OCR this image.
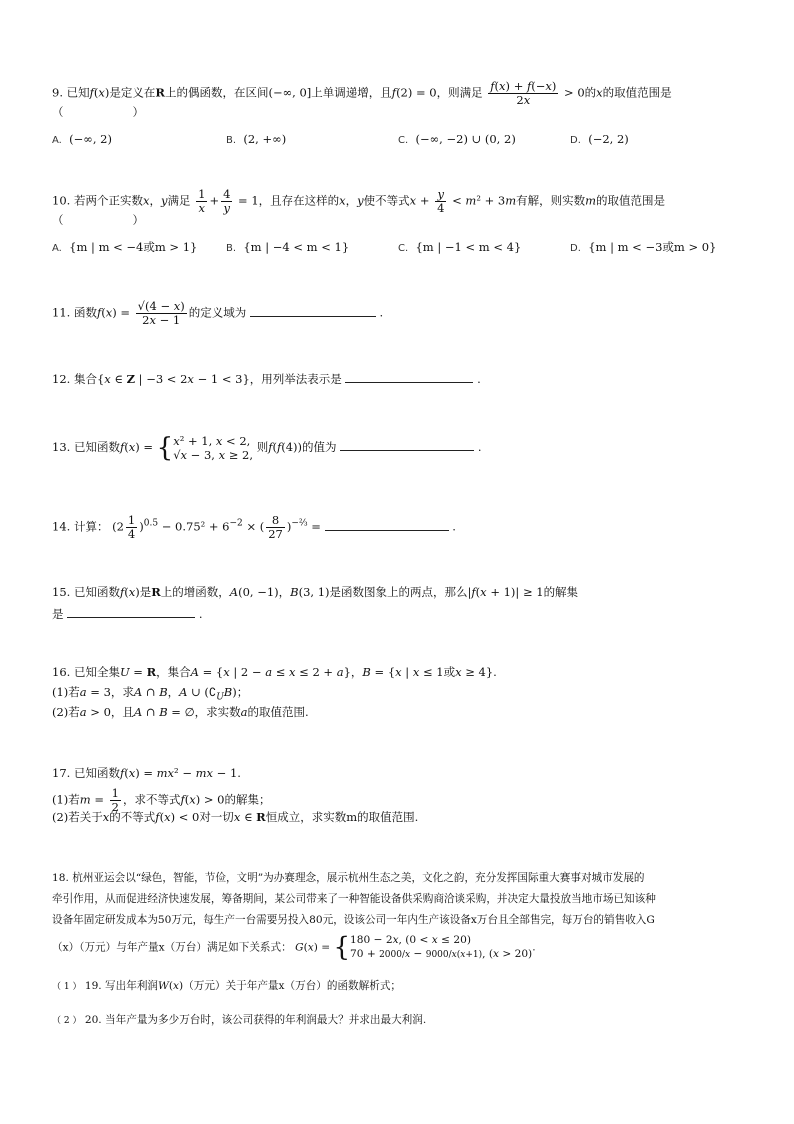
9. 已知f(x)是定义在R上的偶函数，在区间(−∞, 0]上单调递增，且f(2) = 0，则满足 $\frac{f(x) + f(-x)}{2x} > 0$的x的取值范围是
（　　　　　　）
A. (−∞, 2)	B. (2, +∞)	C. (−∞, −2) ∪ (0, 2)	D. (−2, 2)
10. 若两个正实数x，y满足 $\frac{1}{x} + \frac{4}{y} = 1$，且存在这样的x，y使不等式$x + \frac{y}{4} < m^2 + 3m$有解，则实数m的取值范围是
（　　　　　　）
A. {m | m < −4或m > 1}	B. {m | −4 < m < 1}	C. {m | −1 < m < 4}	D. {m | m < −3或m > 0}
11. 函数$f(x) = \frac{√(4 - x)}{2x - 1}$ 的定义域为	.
12. 集合{x ∈ Z | −3 < 2x − 1 < 3}，用列举法表示是	.
13. 已知函数f(x) = { x² + 1, x < 2,
√x − 3, x ≥ 2,
则f(f(4))的值为	.
14. 计算： $(2 \frac{1}{4} )^{0.5} - 0.75^2 + 6^{-2}$ × ( $\frac{8}{27} )^{-\frac{2}{3}}$ =	.
15. 已知函数f(x)是R上的增函数，A(0, −1)，B(3, 1)是函数图象上的两点，那么|f(x + 1)| ≥ 1的解集
是	.
16. 已知全集U = R，集合A = {x | 2 − a ≤ x ≤ 2 + a}，B = {x | x ≤ 1或x ≥ 4}.
(1)若a = 3，求A ∩ B，A ∪ $(∁_UB)$；
(2)若a > 0，且A ∩ B = ∅，求实数a的取值范围.
17. 已知函数f(x) = mx² − mx − 1.
(1)若$m = \frac{1}{2}$ ，求不等式f(x) > 0的解集；
(2)若关于x的不等式f(x) < 0对一切x ∈ R恒成立，求实数m的取值范围.
18. 杭州亚运会以“绿色，智能，节俭，文明”为办赛理念，展示杭州生态之美，文化之韵，充分发挥国际重大赛事对城市发展的
牵引作用，从而促进经济快速发展，筹备期间，某公司带来了一种智能设备供采购商洽谈采购，并决定大量投放当地市场已知该种
设备年固定研发成本为50万元，每生产一台需要另投入80元，设该公司一年内生产该设备x万台且全部售完，每万台的销售收入G
（x）（万元）与年产量x（万台）满足如下关系式： G(x) = { 180 − 2x, (0 < x ≤ 20)
70 + 2000/x − 9000/x(x+1), (x > 20)
.
（ 1 ） 19. 写出年利润W(x)（万元）关于年产量x（万台）的函数解析式；
（ 2 ） 20. 当年产量为多少万台时，该公司获得的年利润最大？并求出最大利润.
